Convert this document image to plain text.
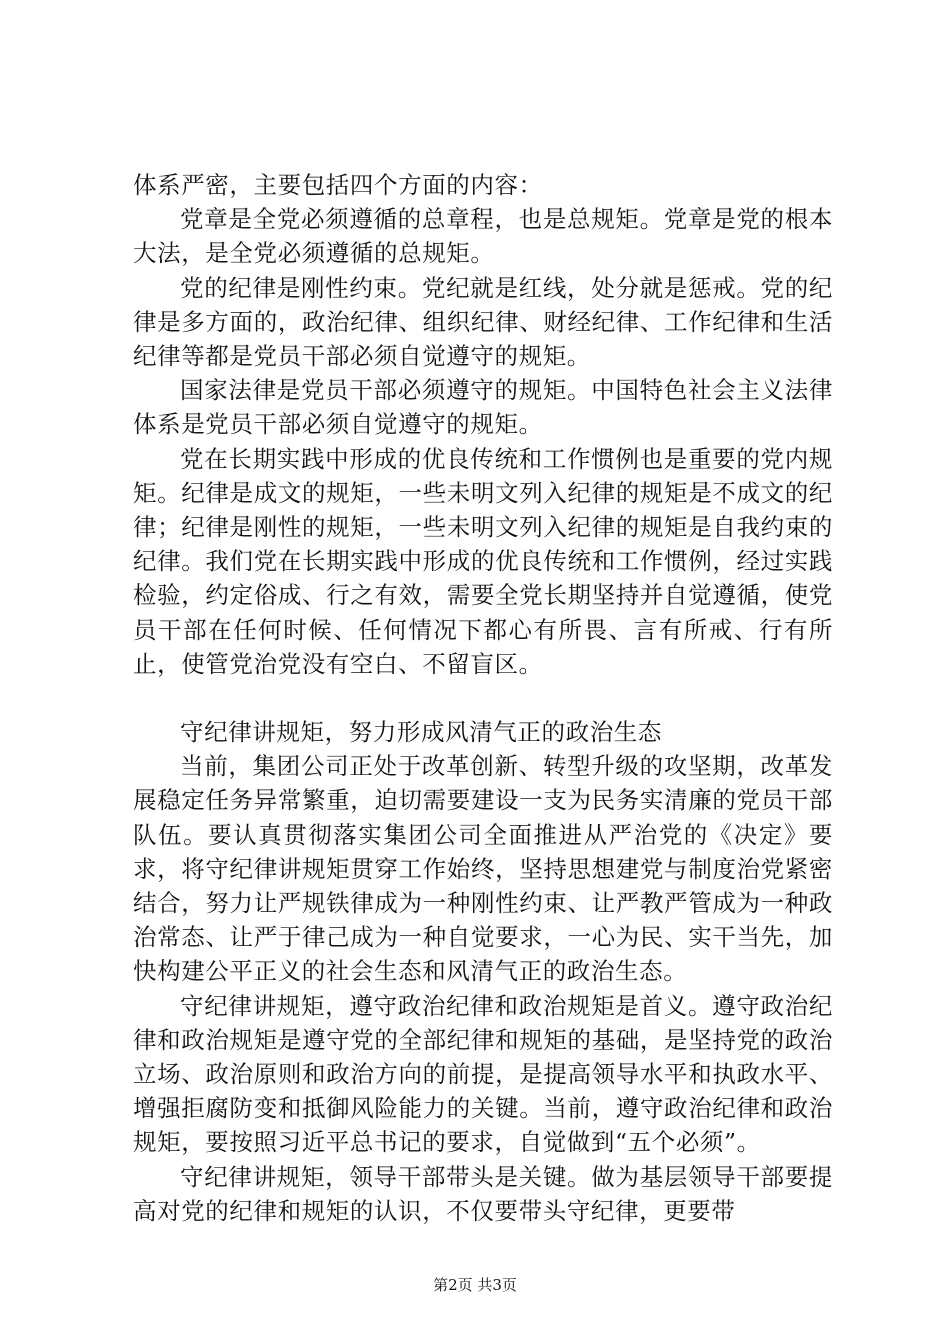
体系严密，主要包括四个方面的内容：

党章是全党必须遵循的总章程，也是总规矩。党章是党的根本大法，是全党必须遵循的总规矩。

党的纪律是刚性约束。党纪就是红线，处分就是惩戒。党的纪律是多方面的，政治纪律、组织纪律、财经纪律、工作纪律和生活纪律等都是党员干部必须自觉遵守的规矩。

国家法律是党员干部必须遵守的规矩。中国特色社会主义法律体系是党员干部必须自觉遵守的规矩。

党在长期实践中形成的优良传统和工作惯例也是重要的党内规矩。纪律是成文的规矩，一些未明文列入纪律的规矩是不成文的纪律；纪律是刚性的规矩，一些未明文列入纪律的规矩是自我约束的纪律。我们党在长期实践中形成的优良传统和工作惯例，经过实践检验，约定俗成、行之有效，需要全党长期坚持并自觉遵循，使党员干部在任何时候、任何情况下都心有所畏、言有所戒、行有所止，使管党治党没有空白、不留盲区。

守纪律讲规矩，努力形成风清气正的政治生态

当前，集团公司正处于改革创新、转型升级的攻坚期，改革发展稳定任务异常繁重，迫切需要建设一支为民务实清廉的党员干部队伍。要认真贯彻落实集团公司全面推进从严治党的《决定》要求，将守纪律讲规矩贯穿工作始终，坚持思想建党与制度治党紧密结合，努力让严规铁律成为一种刚性约束、让严教严管成为一种政治常态、让严于律己成为一种自觉要求，一心为民、实干当先，加快构建公平正义的社会生态和风清气正的政治生态。

守纪律讲规矩，遵守政治纪律和政治规矩是首义。遵守政治纪律和政治规矩是遵守党的全部纪律和规矩的基础，是坚持党的政治立场、政治原则和政治方向的前提，是提高领导水平和执政水平、增强拒腐防变和抵御风险能力的关键。当前，遵守政治纪律和政治规矩，要按照习近平总书记的要求，自觉做到“五个必须”。

守纪律讲规矩，领导干部带头是关键。做为基层领导干部要提高对党的纪律和规矩的认识，不仅要带头守纪律，更要带

第2页 共3页
